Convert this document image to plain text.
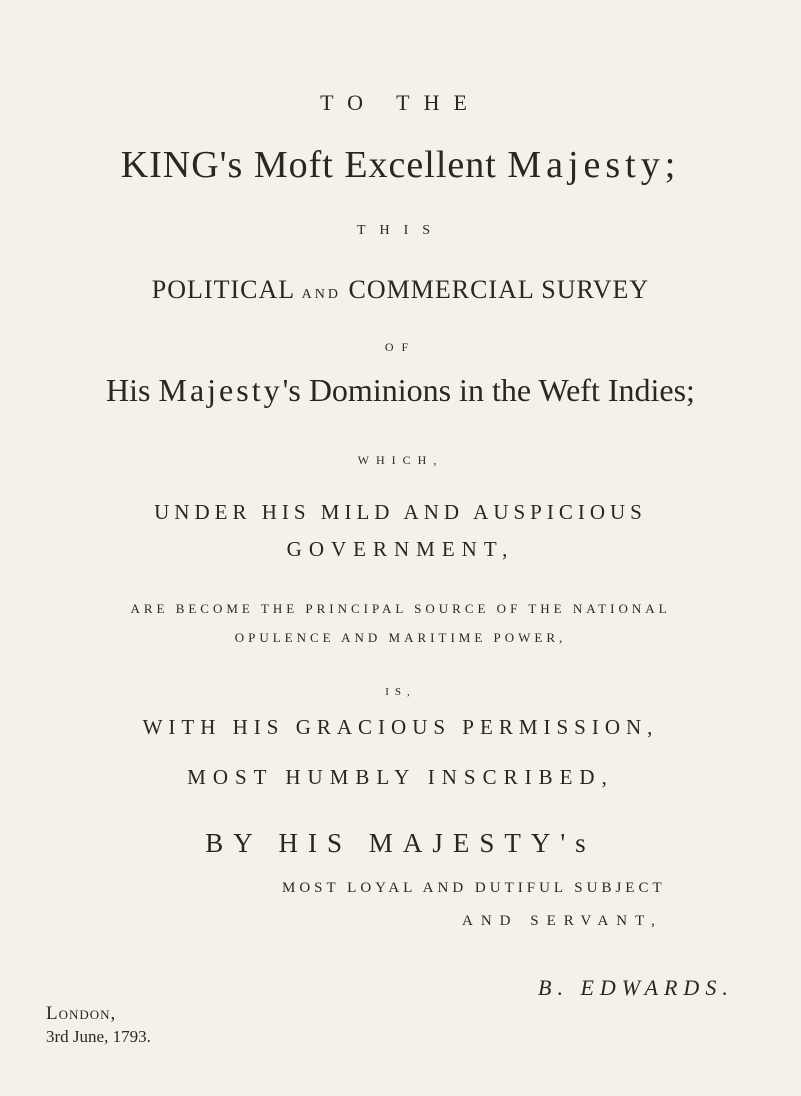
TO THE
KING's Moft Excellent Majesty;
THIS
POLITICAL AND COMMERCIAL SURVEY
OF
His Majesty's Dominions in the Weft Indies;
WHICH,
UNDER HIS MILD AND AUSPICIOUS
GOVERNMENT,
ARE BECOME THE PRINCIPAL SOURCE OF THE NATIONAL
OPULENCE AND MARITIME POWER,
IS,
WITH HIS GRACIOUS PERMISSION,
MOST HUMBLY INSCRIBED,
BY HIS MAJESTY's
MOST LOYAL AND DUTIFUL SUBJECT
AND SERVANT,
B. EDWARDS.
London,
3rd June, 1793.
